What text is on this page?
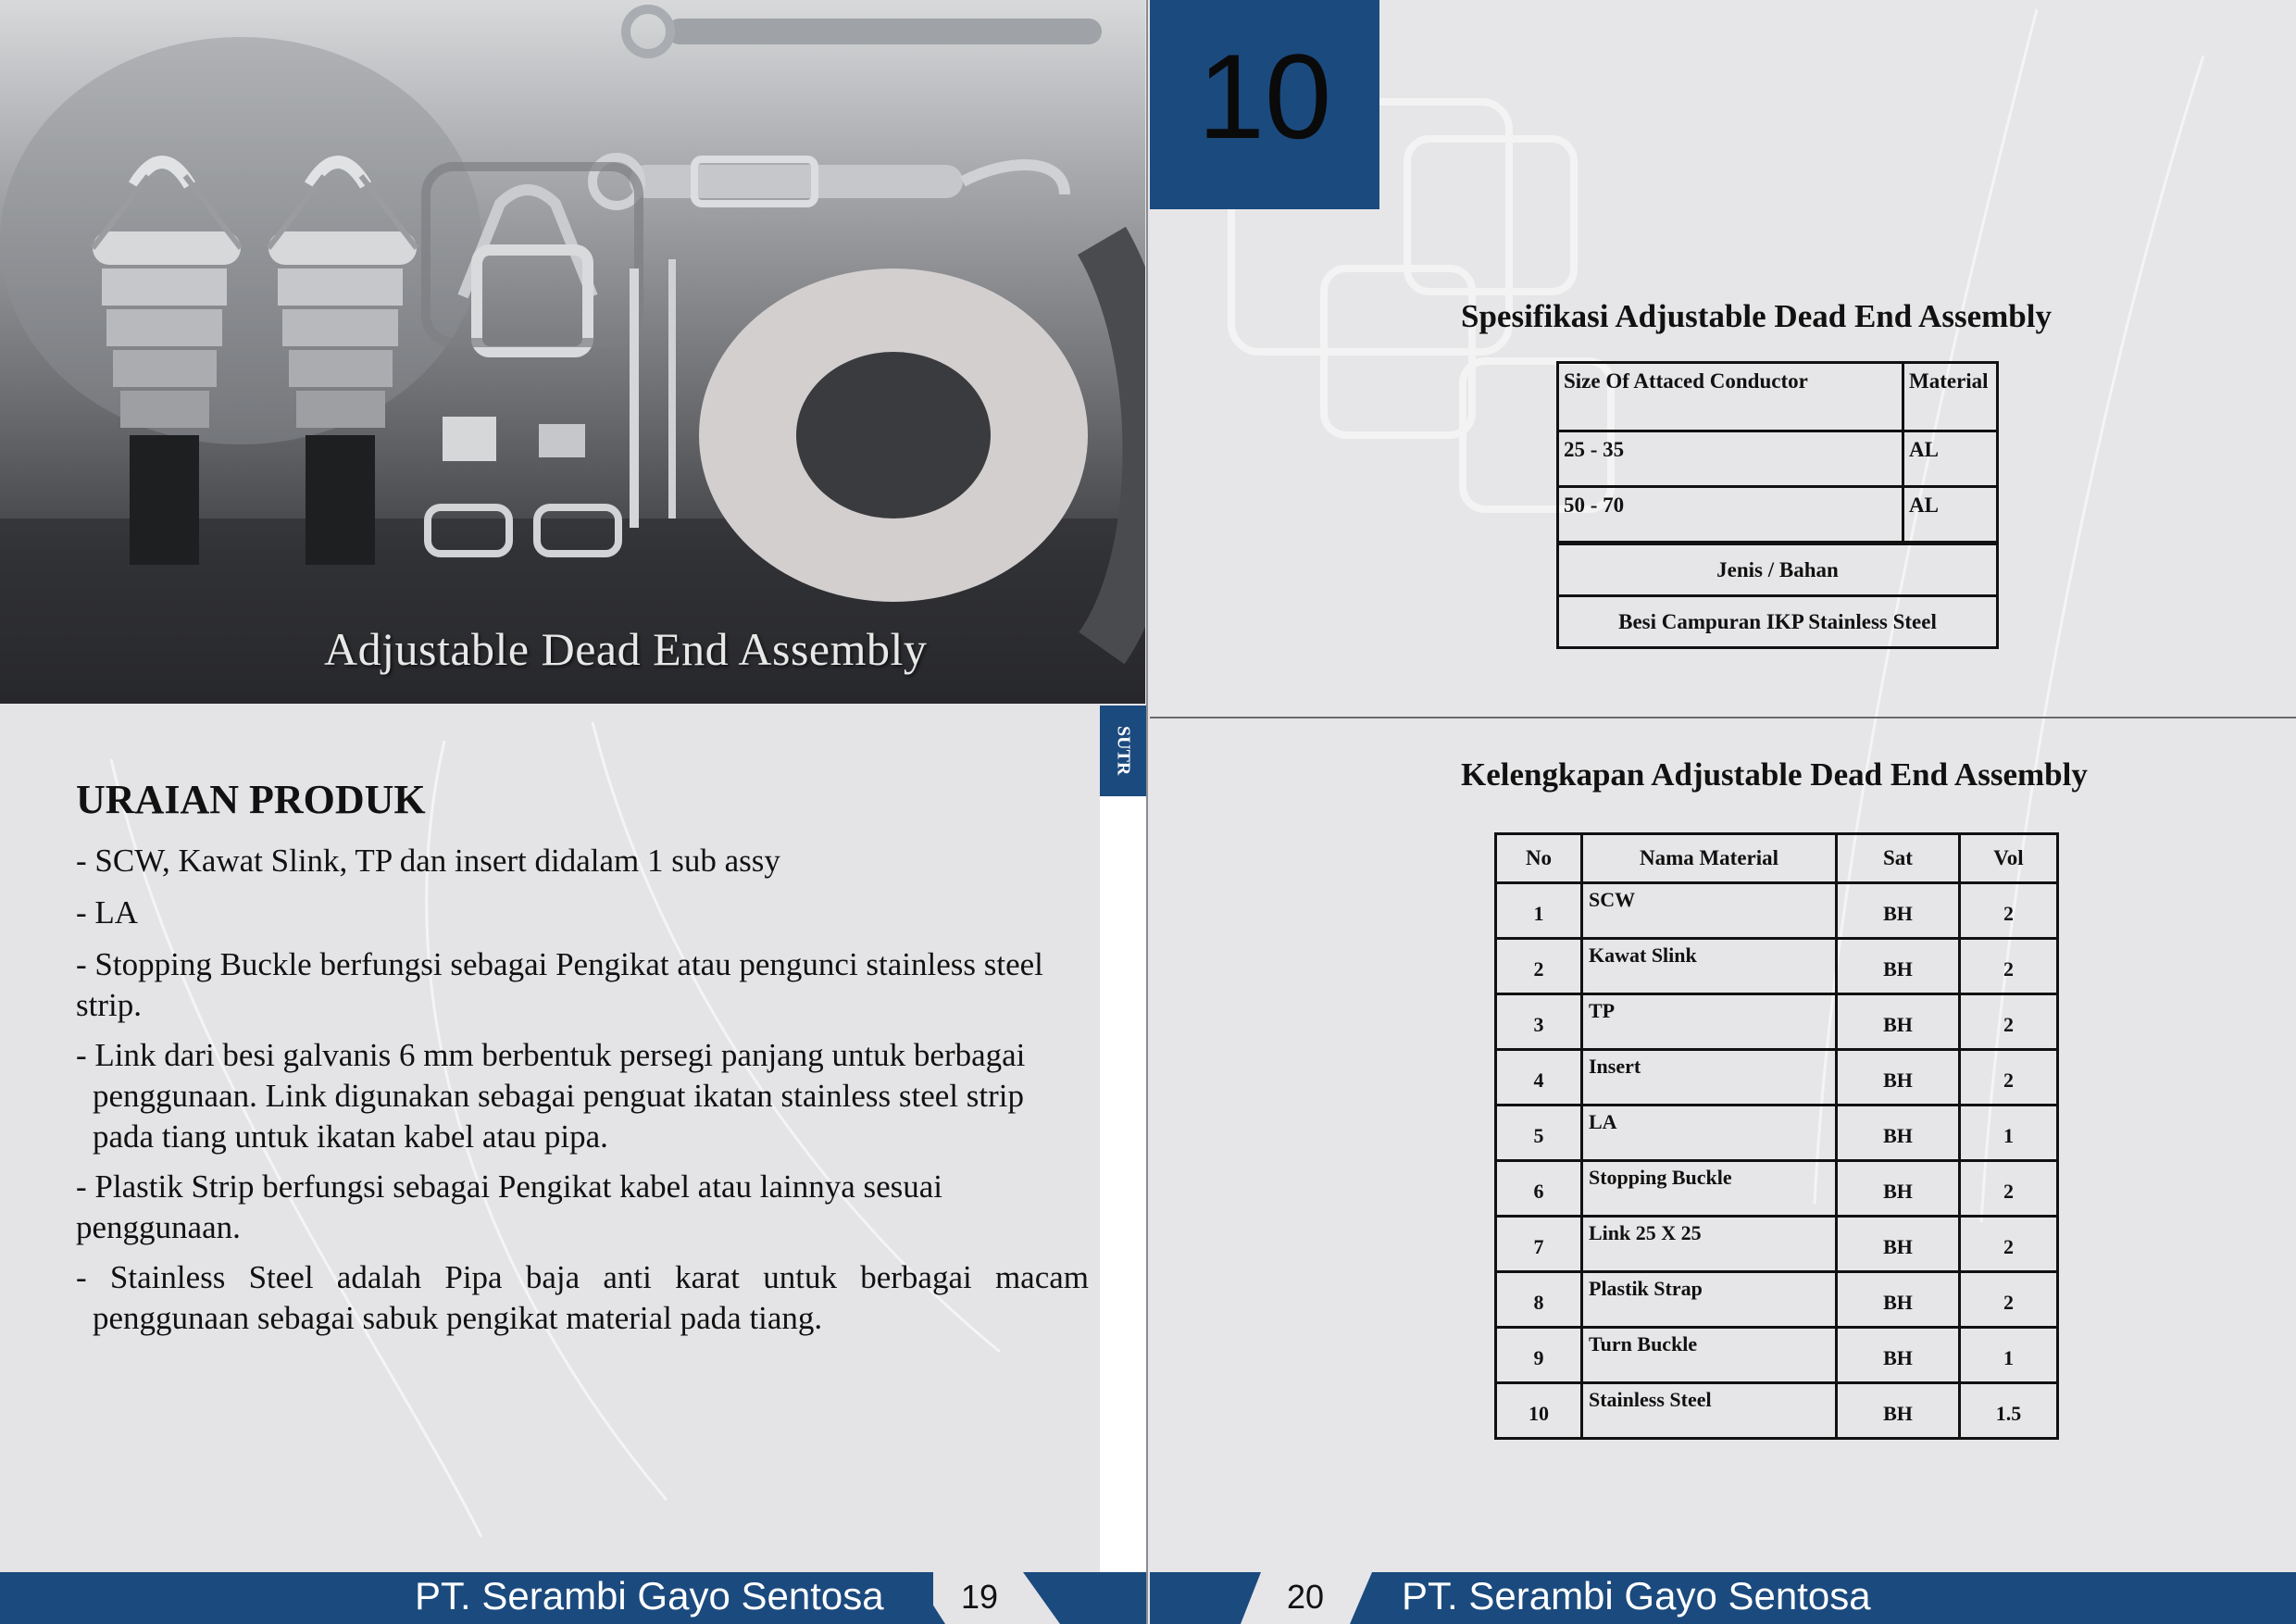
Adjustable Dead End Assembly
SUTR
URAIAN PRODUK
- SCW, Kawat Slink, TP dan insert didalam 1 sub assy
- LA
- Stopping Buckle berfungsi sebagai Pengikat atau pengunci stainless steel strip.
- Link dari besi galvanis 6 mm berbentuk persegi panjang untuk berbagai penggunaan. Link digunakan sebagai penguat ikatan stainless steel strip pada tiang untuk ikatan kabel atau pipa.
- Plastik Strip berfungsi sebagai Pengikat kabel atau lainnya sesuai penggunaan.
- Stainless Steel adalah Pipa baja anti karat untuk berbagai macam penggunaan sebagai sabuk pengikat material pada tiang.
PT. Serambi Gayo Sentosa 19
10
Spesifikasi Adjustable Dead End Assembly
Size Of Attaced Conductor	Material
25 - 35	AL
50 - 70	AL
Jenis / Bahan
Besi Campuran IKP Stainless Steel
Kelengkapan Adjustable Dead End Assembly
No	Nama Material	Sat	Vol
1	SCW	BH	2
2	Kawat Slink	BH	2
3	TP	BH	2
4	Insert	BH	2
5	LA	BH	1
6	Stopping Buckle	BH	2
7	Link 25 X 25	BH	2
8	Plastik Strap	BH	2
9	Turn Buckle	BH	1
10	Stainless Steel	BH	1.5
20 PT. Serambi Gayo Sentosa
